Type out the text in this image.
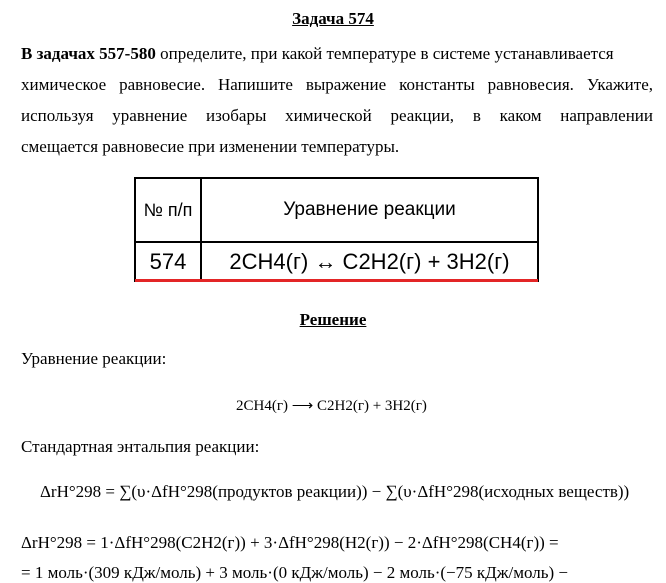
Задача 574
В задачах 557-580 определите, при какой температуре в системе устанавливается
химическое равновесие. Напишите выражение константы равновесия. Укажите,
используя уравнение изобары химической реакции, в каком направлении
смещается равновесие при изменении температуры.
№ п/п	Уравнение реакции
574	2CH4(г) ↔ C2H2(г) + 3H2(г)
Решение
Уравнение реакции:
2CH4(г) ⟶ C2H2(г) + 3H2(г)
Стандартная энтальпия реакции:
ΔrH°298 = ∑(υ·ΔfH°298(продуктов реакции)) − ∑(υ·ΔfH°298(исходных веществ))
ΔrH°298 = 1·ΔfH°298(C2H2(г)) + 3·ΔfH°298(H2(г)) − 2·ΔfH°298(CH4(г)) =
= 1 моль·(309 кДж/моль) + 3 моль·(0 кДж/моль) − 2 моль·(−75 кДж/моль) −
